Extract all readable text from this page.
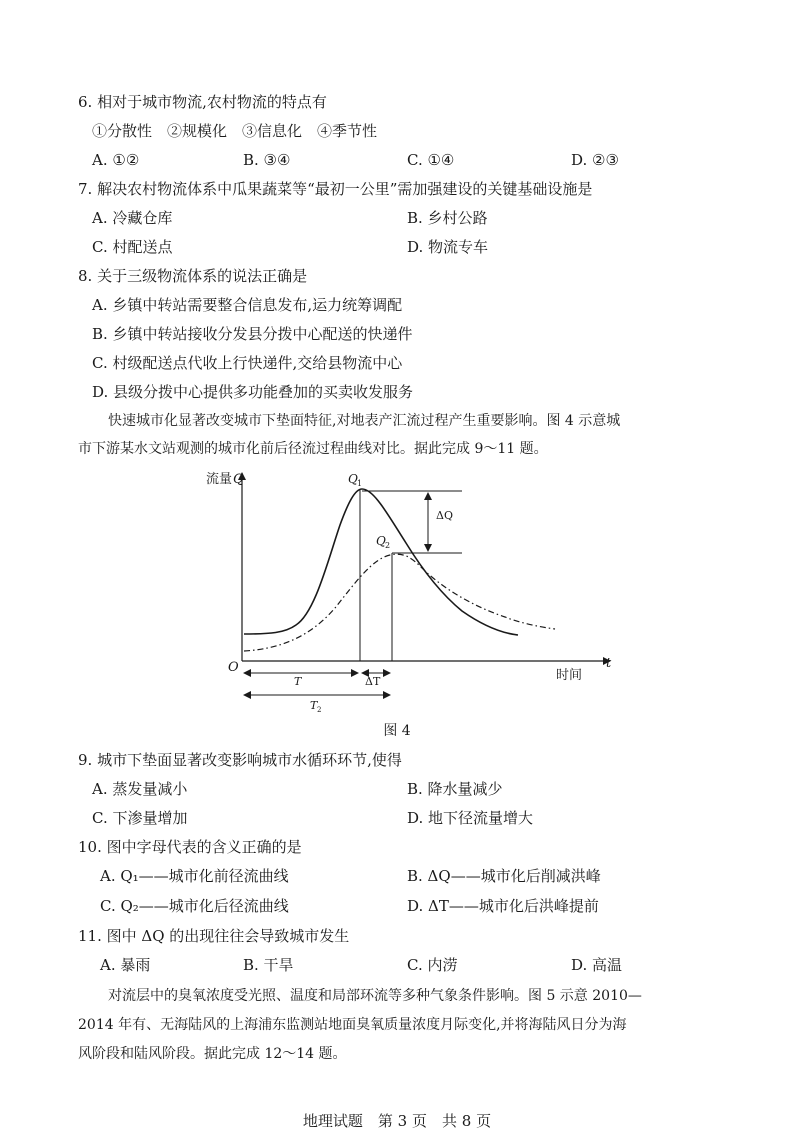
6. 相对于城市物流,农村物流的特点有
①分散性　②规模化　③信息化　④季节性
A. ①②	B. ③④	C. ①④	D. ②③
7. 解决农村物流体系中瓜果蔬菜等“最初一公里”需加强建设的关键基础设施是
A. 冷藏仓库	B. 乡村公路
C. 村配送点	D. 物流专车
8. 关于三级物流体系的说法正确是
A. 乡镇中转站需要整合信息发布,运力统筹调配
B. 乡镇中转站接收分发县分拨中心配送的快递件
C. 村级配送点代收上行快递件,交给县物流中心
D. 县级分拨中心提供多功能叠加的买卖收发服务
快速城市化显著改变城市下垫面特征,对地表产汇流过程产生重要影响。图 4 示意城
市下游某水文站观测的城市化前后径流过程曲线对比。据此完成 9～11 题。
流量 Q
O	t
时间
ΔQ
Q 1
Q 2
T	ΔT
T 2
图 4
9. 城市下垫面显著改变影响城市水循环环节,使得
A. 蒸发量减小	B. 降水量减少
C. 下渗量增加	D. 地下径流量增大
10. 图中字母代表的含义正确的是
A. Q₁——城市化前径流曲线	B. ΔQ——城市化后削减洪峰
C. Q₂——城市化后径流曲线	D. ΔT——城市化后洪峰提前
11. 图中 ΔQ 的出现往往会导致城市发生
A. 暴雨	B. 干旱	C. 内涝	D. 高温
对流层中的臭氧浓度受光照、温度和局部环流等多种气象条件影响。图 5 示意 2010—
2014 年有、无海陆风的上海浦东监测站地面臭氧质量浓度月际变化,并将海陆风日分为海
风阶段和陆风阶段。据此完成 12～14 题。
地理试题　第 3 页　共 8 页
